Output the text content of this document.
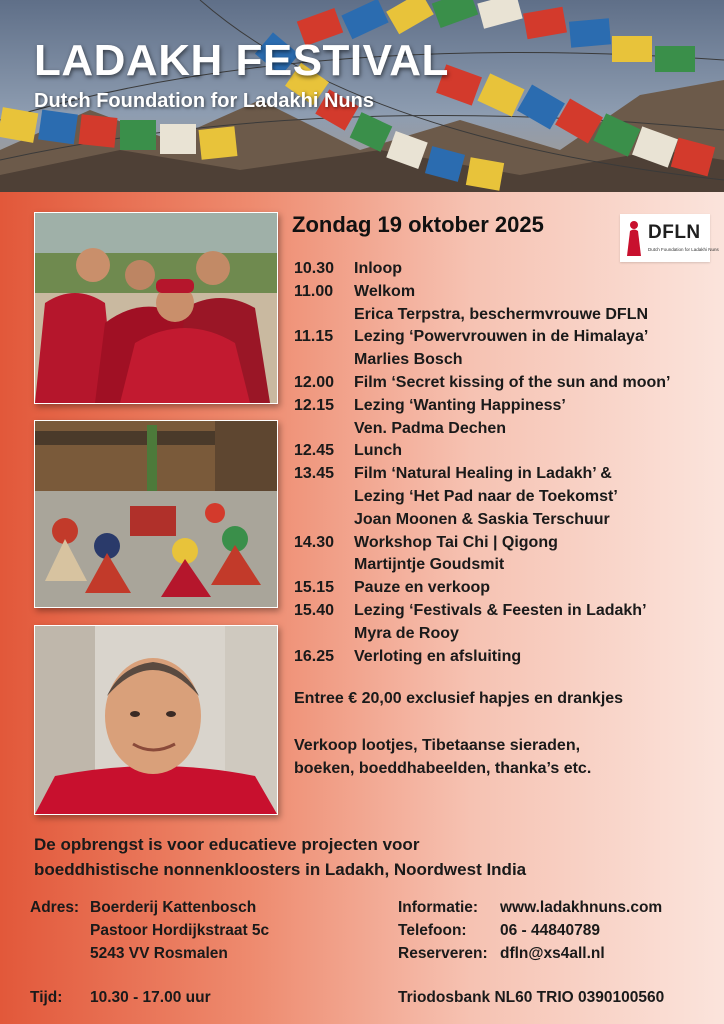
LADAKH FESTIVAL

Dutch Foundation for Ladakhi Nuns

DFLN
Dutch Foundation for Ladakhi Nuns
Zondag 19 oktober 2025
10.30	Inloop
11.00	Welkom
Erica Terpstra, beschermvrouwe DFLN
11.15	Lezing ‘Powervrouwen in de Himalaya’
Marlies Bosch
12.00	Film ‘Secret kissing of the sun and moon’
12.15	Lezing ‘Wanting Happiness’
Ven. Padma Dechen
12.45	Lunch
13.45	Film ‘Natural Healing in Ladakh’ &
Lezing ‘Het Pad naar de Toekomst’
Joan Moonen & Saskia Terschuur
14.30	Workshop Tai Chi | Qigong
Martijntje Goudsmit
15.15	Pauze en verkoop
15.40	Lezing ‘Festivals & Feesten in Ladakh’
Myra de Rooy
16.25	Verloting en afsluiting

Entree € 20,00 exclusief hapjes en drankjes

Verkoop lootjes, Tibetaanse sieraden,
boeken, boeddhabeelden, thanka’s etc.
De opbrengst is voor educatieve projecten voor
boeddhistische nonnenkloosters in Ladakh, Noordwest India
Adres: Boerderij Kattenbosch
Pastoor Hordijkstraat 5c
5243 VV Rosmalen
Informatie:	www.ladakhnuns.com
Telefoon:	06 - 44840789
Reserveren: dfln@xs4all.nl
Tijd: 10.30 - 17.00 uur	Triodosbank NL60 TRIO 0390100560
